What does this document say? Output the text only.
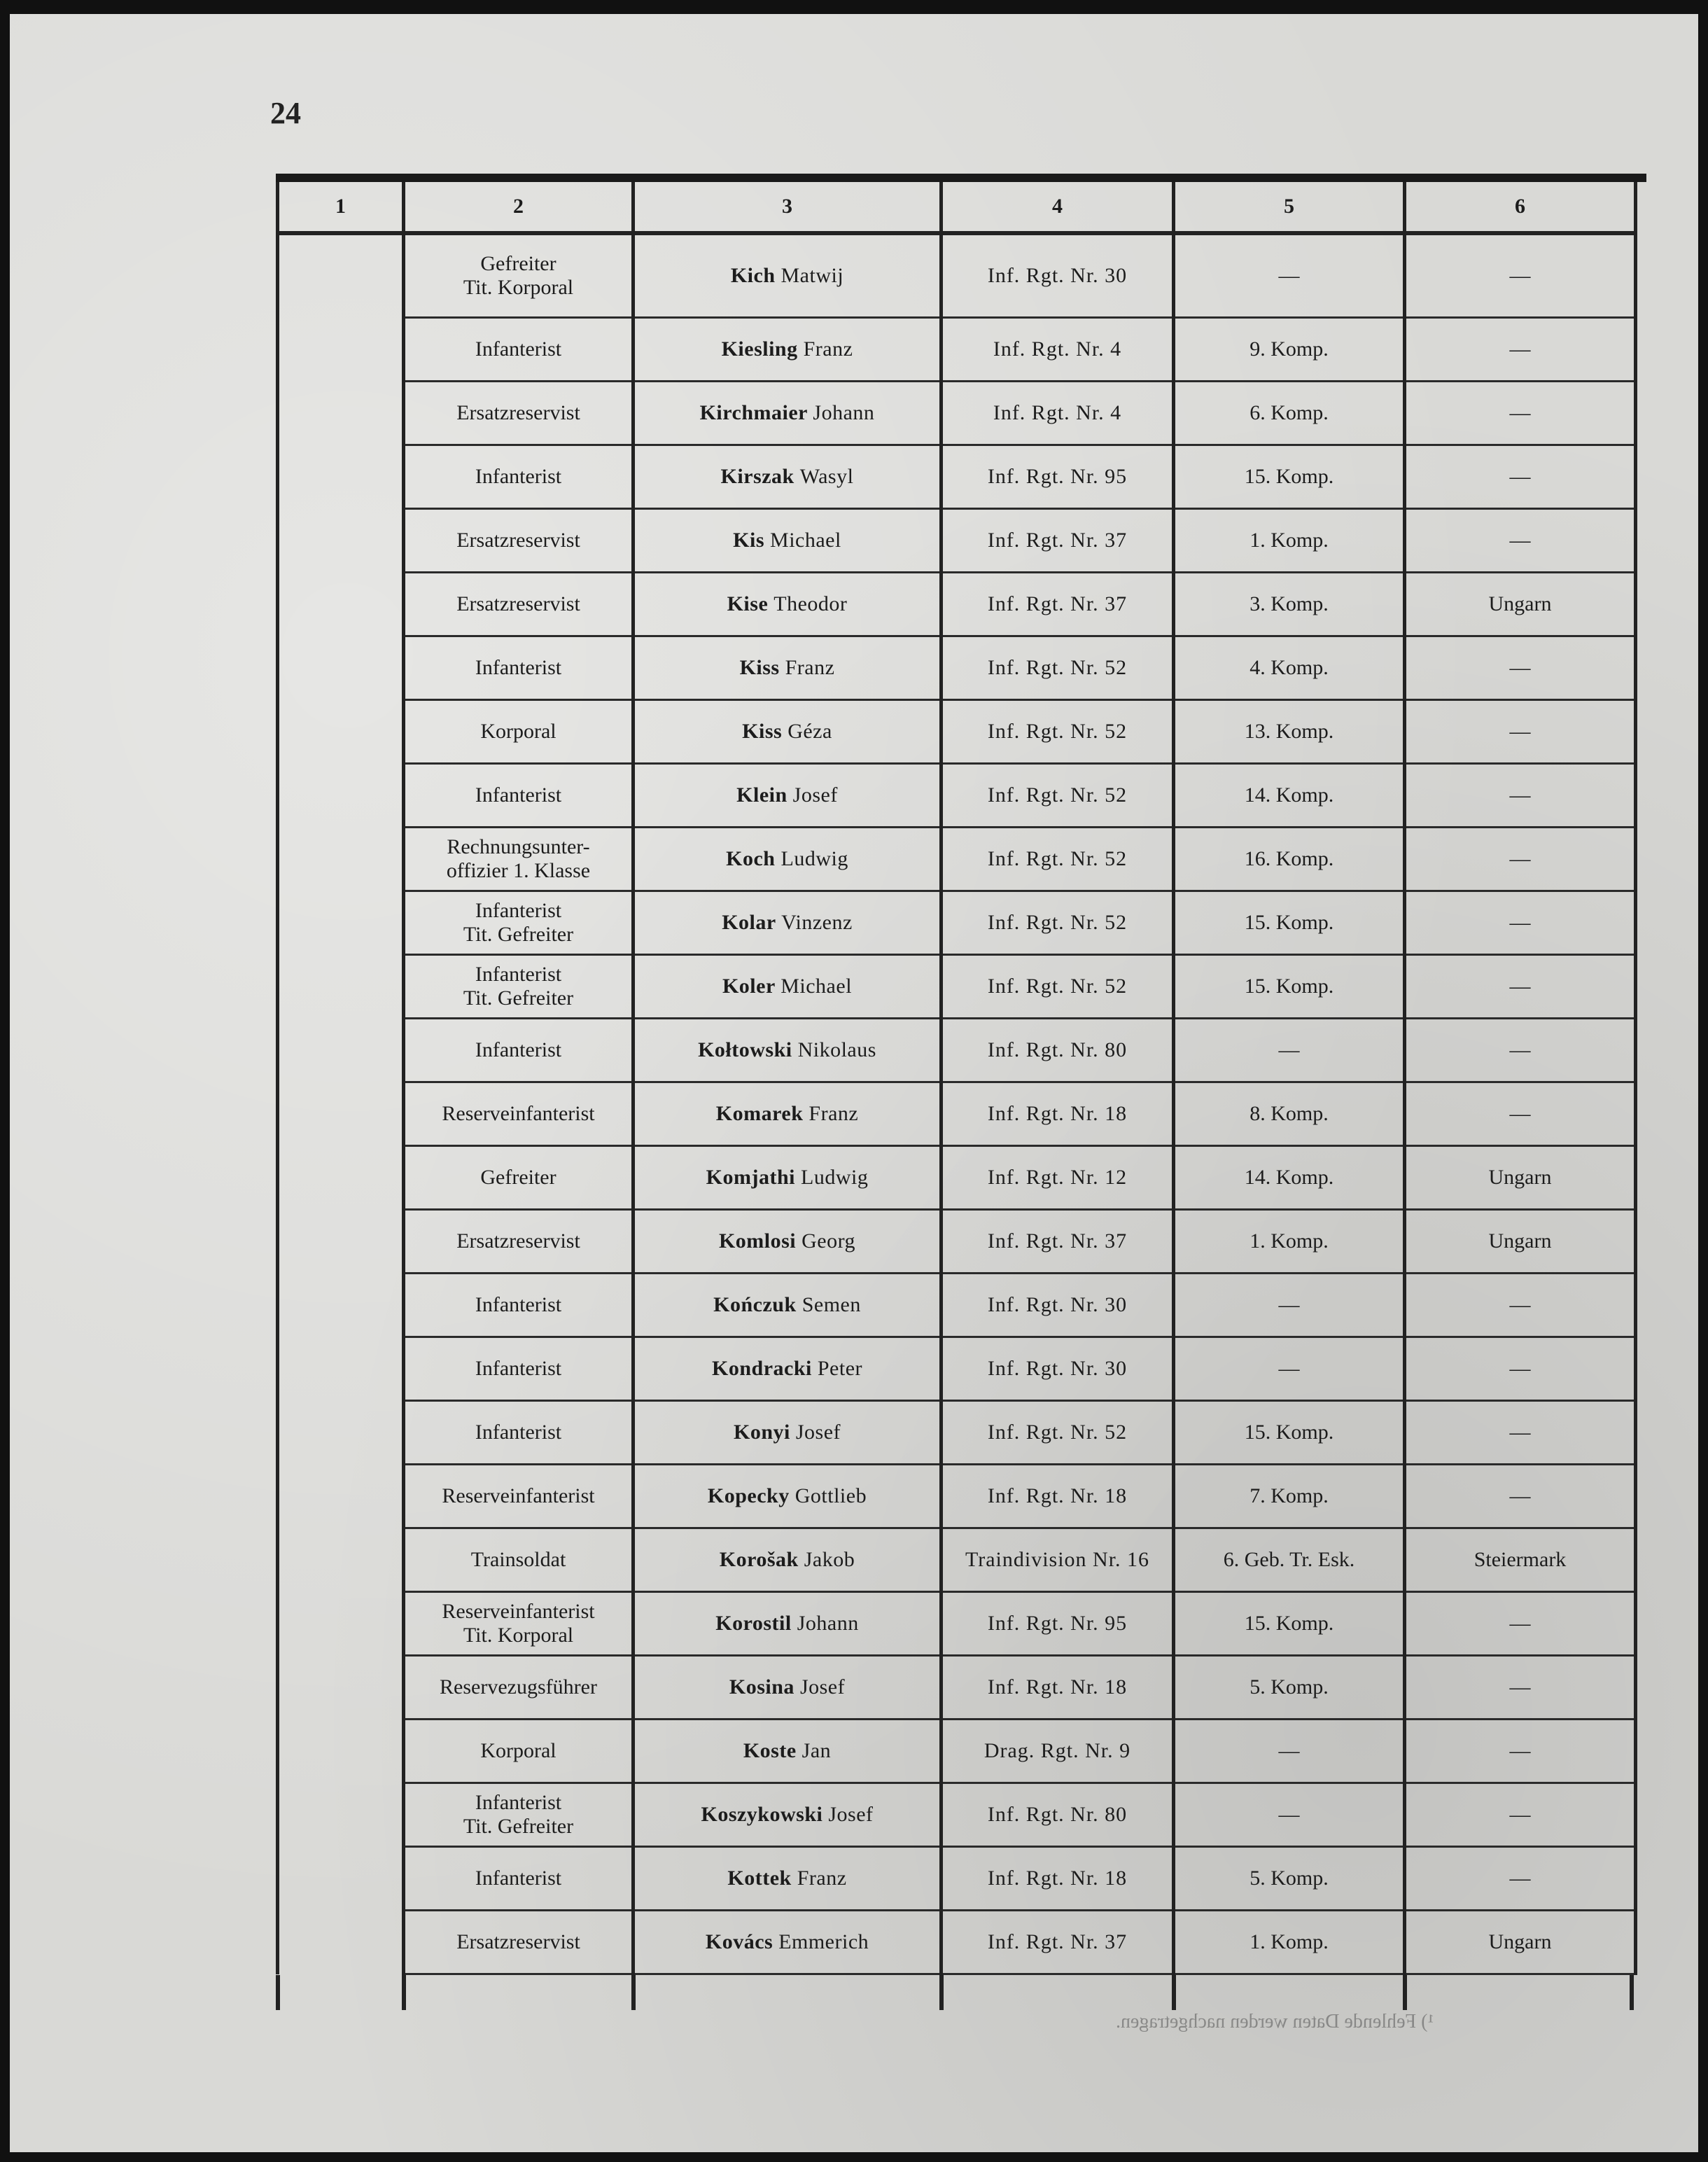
24
1	2	3	4	5	6

	Gefreiter
Tit. Korporal	Kich Matwij	Inf. Rgt. Nr. 30	—	—

	Infanterist	Kiesling Franz	Inf. Rgt. Nr. 4	9. Komp.	—

	Ersatzreservist	Kirchmaier Johann	Inf. Rgt. Nr. 4	6. Komp.	—

	Infanterist	Kirszak Wasyl	Inf. Rgt. Nr. 95	15. Komp.	—

	Ersatzreservist	Kis Michael	Inf. Rgt. Nr. 37	1. Komp.	—

	Ersatzreservist	Kise Theodor	Inf. Rgt. Nr. 37	3. Komp.	Ungarn

	Infanterist	Kiss Franz	Inf. Rgt. Nr. 52	4. Komp.	—

	Korporal	Kiss Géza	Inf. Rgt. Nr. 52	13. Komp.	—

	Infanterist	Klein Josef	Inf. Rgt. Nr. 52	14. Komp.	—

	Rechnungsunter-
offizier 1. Klasse	Koch Ludwig	Inf. Rgt. Nr. 52	16. Komp.	—

	Infanterist
Tit. Gefreiter	Kolar Vinzenz	Inf. Rgt. Nr. 52	15. Komp.	—

	Infanterist
Tit. Gefreiter	Koler Michael	Inf. Rgt. Nr. 52	15. Komp.	—

	Infanterist	Kołtowski Nikolaus	Inf. Rgt. Nr. 80	—	—

	Reserveinfanterist	Komarek Franz	Inf. Rgt. Nr. 18	8. Komp.	—

	Gefreiter	Komjathi Ludwig	Inf. Rgt. Nr. 12	14. Komp.	Ungarn

	Ersatzreservist	Komlosi Georg	Inf. Rgt. Nr. 37	1. Komp.	Ungarn

	Infanterist	Kończuk Semen	Inf. Rgt. Nr. 30	—	—

	Infanterist	Kondracki Peter	Inf. Rgt. Nr. 30	—	—

	Infanterist	Konyi Josef	Inf. Rgt. Nr. 52	15. Komp.	—

	Reserveinfanterist	Kopecky Gottlieb	Inf. Rgt. Nr. 18	7. Komp.	—

	Trainsoldat	Korošak Jakob	Traindivision Nr. 16	6. Geb. Tr. Esk.	Steiermark

	Reserveinfanterist
Tit. Korporal	Korostil Johann	Inf. Rgt. Nr. 95	15. Komp.	—

	Reservezugsführer	Kosina Josef	Inf. Rgt. Nr. 18	5. Komp.	—

	Korporal	Koste Jan	Drag. Rgt. Nr. 9	—	—

	Infanterist
Tit. Gefreiter	Koszykowski Josef	Inf. Rgt. Nr. 80	—	—

	Infanterist	Kottek Franz	Inf. Rgt. Nr. 18	5. Komp.	—

	Ersatzreservist	Kovács Emmerich	Inf. Rgt. Nr. 37	1. Komp.	Ungarn
¹) Fehlende Daten werden nachgetragen.
